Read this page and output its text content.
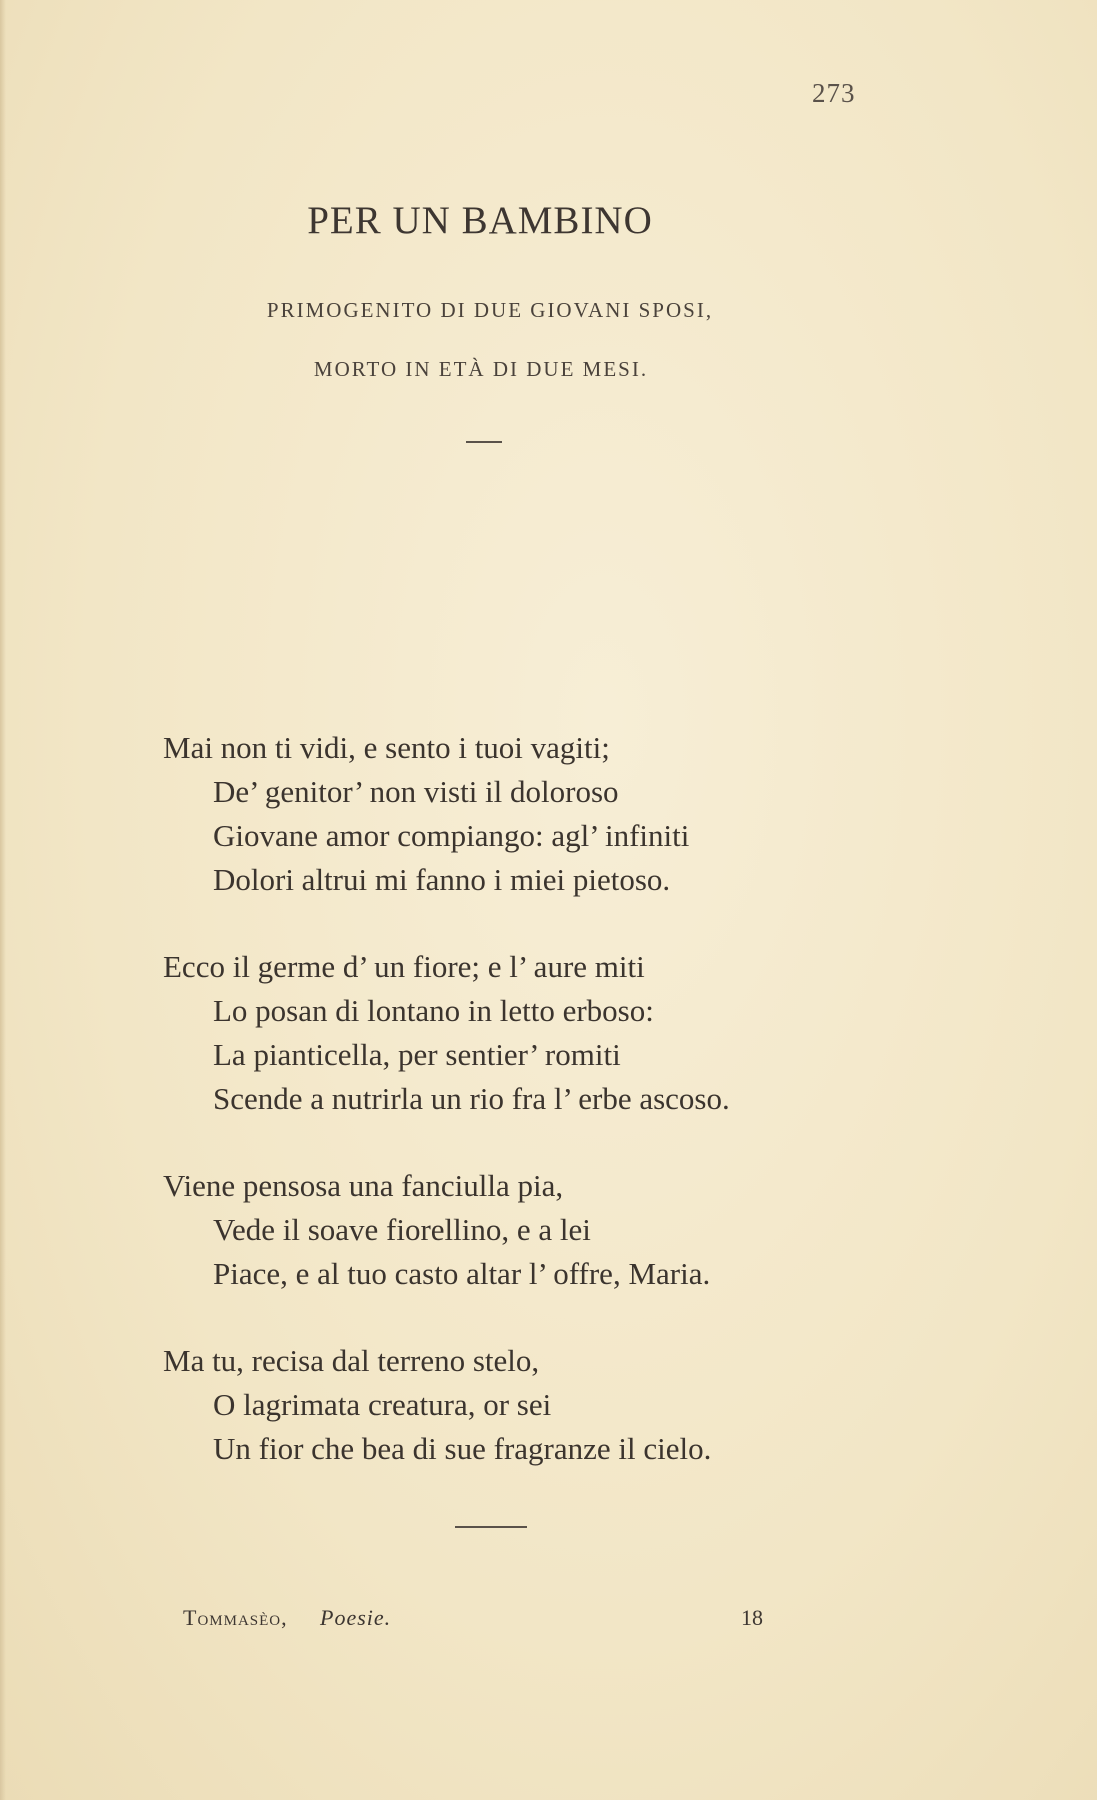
273
PER UN BAMBINO
PRIMOGENITO DI DUE GIOVANI SPOSI,
MORTO IN ETÀ DI DUE MESI.
Mai non ti vidi, e sento i tuoi vagiti;
De’ genitor’ non visti il doloroso
Giovane amor compiango: agl’ infiniti
Dolori altrui mi fanno i miei pietoso.
Ecco il germe d’ un fiore; e l’ aure miti
Lo posan di lontano in letto erboso:
La pianticella, per sentier’ romiti
Scende a nutrirla un rio fra l’ erbe ascoso.
Viene pensosa una fanciulla pia,
Vede il soave fiorellino, e a lei
Piace, e al tuo casto altar l’ offre, Maria.
Ma tu, recisa dal terreno stelo,
O lagrimata creatura, or sei
Un fior che bea di sue fragranze il cielo.
Tommasèo, Poesie.	18
